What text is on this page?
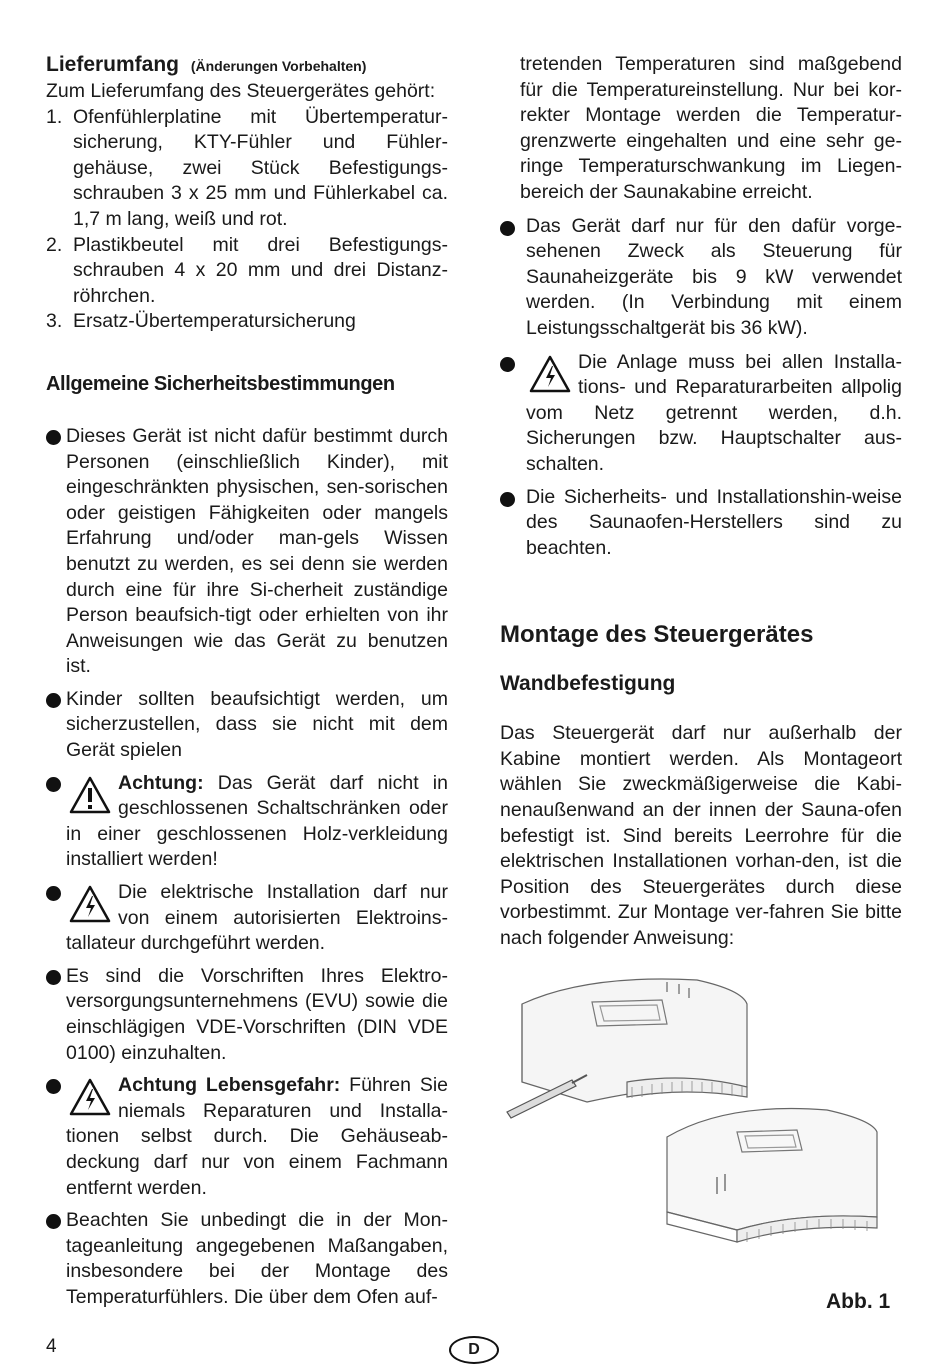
Lieferumfang (Änderungen Vorbehalten)

Zum Lieferumfang des Steuergerätes gehört:

1. Ofenfühlerplatine mit Übertemperatur-sicherung, KTY-Fühler und Fühler-gehäuse, zwei Stück Befestigungs-schrauben 3 x 25 mm und Fühlerkabel ca. 1,7 m lang, weiß und rot.
2. Plastikbeutel mit drei Befestigungs-schrauben 4 x 20 mm und drei Distanz-röhrchen.
3. Ersatz-Übertemperatursicherung

Allgemeine Sicherheitsbestimmungen

Dieses Gerät ist nicht dafür bestimmt durch Personen (einschließlich Kinder), mit eingeschränkten physischen, sen-sorischen oder geistigen Fähigkeiten oder mangels Erfahrung und/oder man-gels Wissen benutzt zu werden, es sei denn sie werden durch eine für ihre Si-cherheit zuständige Person beaufsich-tigt oder erhielten von ihr Anweisungen wie das Gerät zu benutzen ist.
Kinder sollten beaufsichtigt werden, um sicherzustellen, dass sie nicht mit dem Gerät spielen
Achtung: Das Gerät darf nicht in geschlossenen Schaltschränken oder in einer geschlossenen Holz-verkleidung installiert werden!
Die elektrische Installation darf nur von einem autorisierten Elektroins-tallateur durchgeführt werden.
Es sind die Vorschriften Ihres Elektro-versorgungsunternehmens (EVU) sowie die einschlägigen VDE-Vorschriften (DIN VDE 0100) einzuhalten.
Achtung Lebensgefahr: Führen Sie niemals Reparaturen und Installa-tionen selbst durch. Die Gehäuseab-deckung darf nur von einem Fachmann entfernt werden.
Beachten Sie unbedingt die in der Mon-tageanleitung angegebenen Maßangaben, insbesondere bei der Montage des Temperaturfühlers. Die über dem Ofen auf-

tretenden Temperaturen sind maßgebend für die Temperatureinstellung. Nur bei kor-rekter Montage werden die Temperatur-grenzwerte eingehalten und eine sehr ge-ringe Temperaturschwankung im Liegen-bereich der Saunakabine erreicht.

Das Gerät darf nur für den dafür vorge-sehenen Zweck als Steuerung für Saunaheizgeräte bis 9 kW verwendet werden. (In Verbindung mit einem Leistungsschaltgerät bis 36 kW).
Die Anlage muss bei allen Installa-tions- und Reparaturarbeiten allpolig vom Netz getrennt werden, d.h. Sicherungen bzw. Hauptschalter aus-schalten.
Die Sicherheits- und Installationshin-weise des Saunaofen-Herstellers sind zu beachten.

Montage des Steuergerätes

Wandbefestigung

Das Steuergerät darf nur außerhalb der Kabine montiert werden. Als Montageort wählen Sie zweckmäßigerweise die Kabi-nenaußenwand an der innen der Sauna-ofen befestigt ist. Sind bereits Leerrohre für die elektrischen Installationen vorhan-den, ist die Position des Steuergerätes durch diese vorbestimmt. Zur Montage ver-fahren Sie bitte nach folgender Anweisung:

Abb. 1
4	D
